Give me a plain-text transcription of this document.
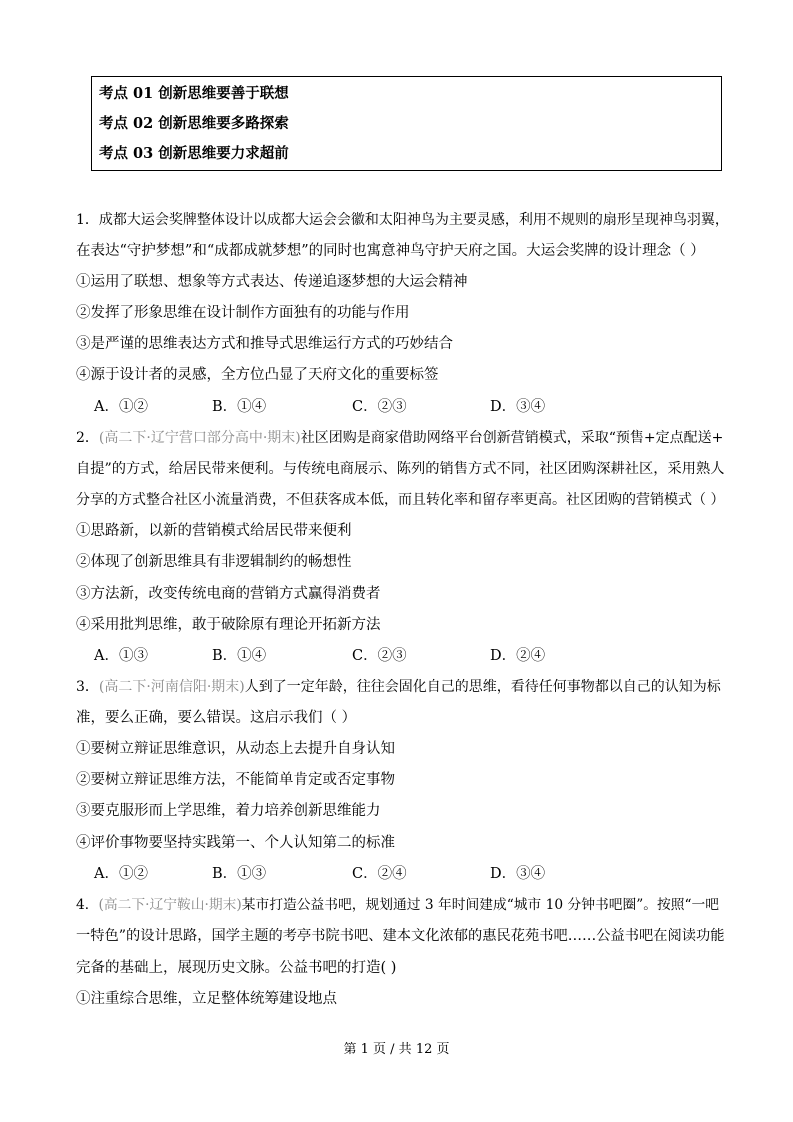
考点 01 创新思维要善于联想
考点 02 创新思维要多路探索
考点 03 创新思维要力求超前
1．成都大运会奖牌整体设计以成都大运会会徽和太阳神鸟为主要灵感，利用不规则的扇形呈现神鸟羽翼，
在表达“守护梦想”和“成都成就梦想”的同时也寓意神鸟守护天府之国。大运会奖牌的设计理念（ ）
①运用了联想、想象等方式表达、传递追逐梦想的大运会精神
②发挥了形象思维在设计制作方面独有的功能与作用
③是严谨的思维表达方式和推导式思维运行方式的巧妙结合
④源于设计者的灵感，全方位凸显了天府文化的重要标签
A．①②	B．①④	C．②③	D．③④
2．(高二下·辽宁营口部分高中·期末)社区团购是商家借助网络平台创新营销模式，采取“预售+定点配送+
自提”的方式，给居民带来便利。与传统电商展示、陈列的销售方式不同，社区团购深耕社区，采用熟人
分享的方式整合社区小流量消费，不但获客成本低，而且转化率和留存率更高。社区团购的营销模式（ ）
①思路新，以新的营销模式给居民带来便利
②体现了创新思维具有非逻辑制约的畅想性
③方法新，改变传统电商的营销方式赢得消费者
④采用批判思维，敢于破除原有理论开拓新方法
A．①③	B．①④	C．②③	D．②④
3．(高二下·河南信阳·期末)人到了一定年龄，往往会固化自己的思维，看待任何事物都以自己的认知为标
准，要么正确，要么错误。这启示我们（ ）
①要树立辩证思维意识，从动态上去提升自身认知
②要树立辩证思维方法，不能简单肯定或否定事物
③要克服形而上学思维，着力培养创新思维能力
④评价事物要坚持实践第一、个人认知第二的标准
A．①②	B．①③	C．②④	D．③④
4．(高二下·辽宁鞍山·期末)某市打造公益书吧，规划通过 3 年时间建成“城市 10 分钟书吧圈”。按照“一吧
一特色”的设计思路，国学主题的考亭书院书吧、建本文化浓郁的惠民花苑书吧……公益书吧在阅读功能
完备的基础上，展现历史文脉。公益书吧的打造( )
①注重综合思维，立足整体统筹建设地点
第 1 页 / 共 12 页
